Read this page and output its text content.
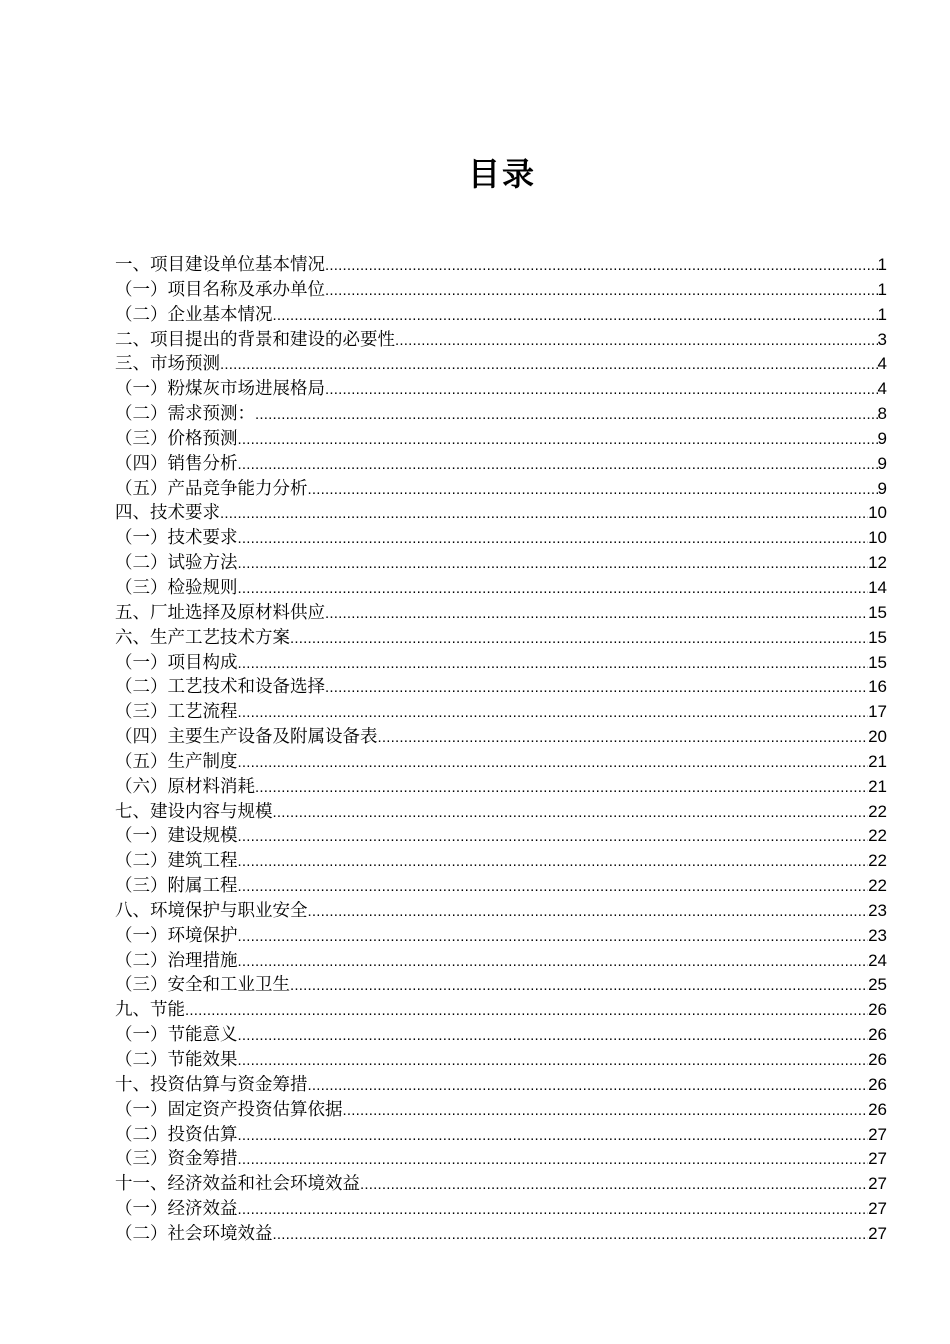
目录
一、项目建设单位基本情况 .....	1
（一）项目名称及承办单位 .....	1
（二）企业基本情况 .....	1
二、项目提出的背景和建设的必要性 .....	3
三、市场预测 .....	4
（一）粉煤灰市场进展格局 .....	4
（二）需求预测： .....	8
（三）价格预测 .....	9
（四）销售分析 .....	9
（五）产品竞争能力分析 .....	9
四、技术要求 .....	10
（一）技术要求 .....	10
（二）试验方法 .....	12
（三）检验规则 .....	14
五、厂址选择及原材料供应 .....	15
六、生产工艺技术方案 .....	15
（一）项目构成 .....	15
（二）工艺技术和设备选择 .....	16
（三）工艺流程 .....	17
（四）主要生产设备及附属设备表 .....	20
（五）生产制度 .....	21
（六）原材料消耗 .....	21
七、建设内容与规模 .....	22
（一）建设规模 .....	22
（二）建筑工程 .....	22
（三）附属工程 .....	22
八、环境保护与职业安全 .....	23
（一）环境保护 .....	23
（二）治理措施 .....	24
（三）安全和工业卫生 .....	25
九、节能 .....	26
（一）节能意义 .....	26
（二）节能效果 .....	26
十、投资估算与资金筹措 .....	26
（一）固定资产投资估算依据 .....	26
（二）投资估算 .....	27
（三）资金筹措 .....	27
十一、经济效益和社会环境效益 .....	27
（一）经济效益 .....	27
（二）社会环境效益 .....	27
